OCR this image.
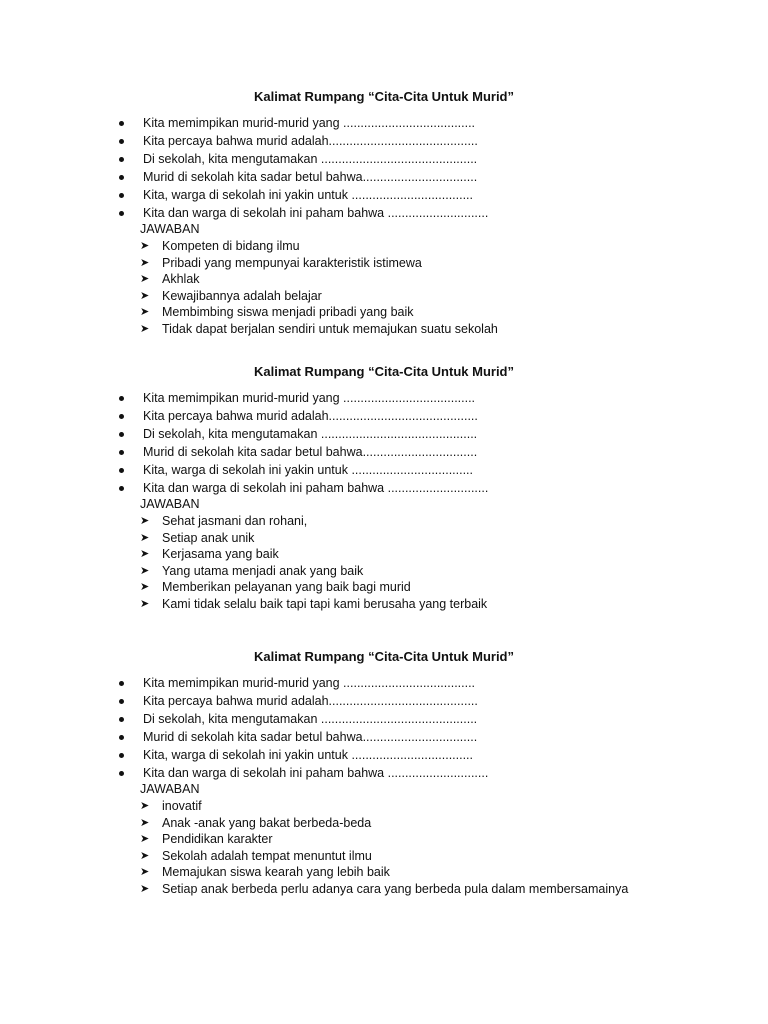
Kalimat Rumpang “Cita-Cita Untuk Murid”
Kita memimpikan murid-murid yang ......................................
Kita percaya bahwa murid adalah...........................................
Di sekolah, kita mengutamakan .............................................
Murid di sekolah kita sadar betul bahwa.................................
Kita, warga di sekolah ini yakin untuk ...................................
Kita dan warga di sekolah ini paham bahwa .............................
JAWABAN
➤ Kompeten di bidang ilmu
➤ Pribadi yang mempunyai karakteristik istimewa
➤ Akhlak
➤ Kewajibannya adalah belajar
➤ Membimbing siswa menjadi pribadi yang baik
➤ Tidak dapat berjalan sendiri untuk memajukan suatu sekolah
Kalimat Rumpang “Cita-Cita Untuk Murid”
Kita memimpikan murid-murid yang ......................................
Kita percaya bahwa murid adalah...........................................
Di sekolah, kita mengutamakan .............................................
Murid di sekolah kita sadar betul bahwa.................................
Kita, warga di sekolah ini yakin untuk ...................................
Kita dan warga di sekolah ini paham bahwa .............................
JAWABAN
➤ Sehat jasmani dan rohani,
➤ Setiap anak unik
➤ Kerjasama yang baik
➤ Yang utama menjadi anak yang baik
➤ Memberikan pelayanan yang baik bagi murid
➤ Kami tidak selalu baik tapi tapi kami berusaha yang terbaik
Kalimat Rumpang “Cita-Cita Untuk Murid”
Kita memimpikan murid-murid yang ......................................
Kita percaya bahwa murid adalah...........................................
Di sekolah, kita mengutamakan .............................................
Murid di sekolah kita sadar betul bahwa.................................
Kita, warga di sekolah ini yakin untuk ...................................
Kita dan warga di sekolah ini paham bahwa .............................
JAWABAN
➤ inovatif
➤ Anak -anak yang bakat berbeda-beda
➤ Pendidikan karakter
➤ Sekolah adalah tempat menuntut ilmu
➤ Memajukan siswa kearah yang lebih baik
➤ Setiap anak berbeda perlu adanya cara yang berbeda pula dalam membersamainya
